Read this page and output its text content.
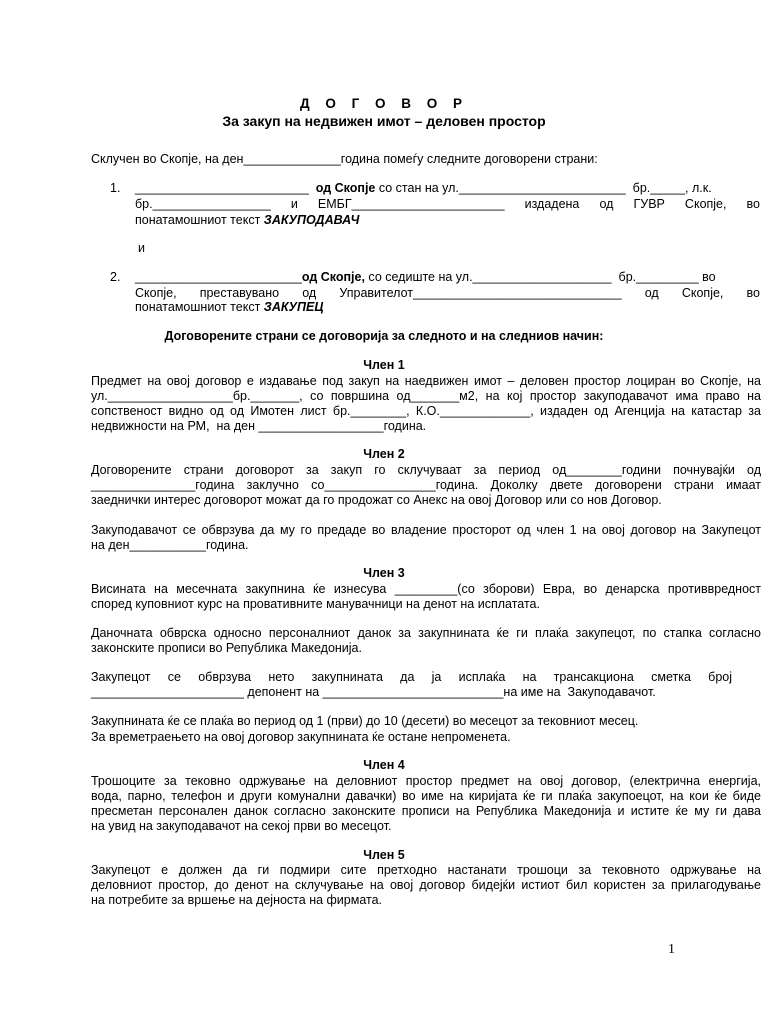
Д О Г О В О Р
За закуп на недвижен имот – деловен простор
Склучен во Скопје, на ден______________година помеѓу следните договорени страни:
1. _________________________ од Скопје со стан на ул.________________________  бр._____, л.к.
бр._________________ и ЕМБГ______________________ издадена од ГУВР Скопје, во
понатамошниот текст ЗАКУПОДАВАЧ
и
2. ________________________од Скопје, со седиште на ул.____________________  бр._________ во
Скопје, преставувано од Управителот______________________________ од Скопје, во
понатамошниот текст ЗАКУПЕЦ
Договорените страни се договорија за следното и на следниов начин:
Член 1
Предмет на овој договор е издавање под закуп на наедвижен имот – деловен простор лоциран во Скопје, на
ул.__________________бр._______, со површина од_______м2, на кој простор закуподавачот има право на
сопственост видно од од Имотен лист бр.________, К.О._____________, издаден од Агенција на катастар за
недвижности на РМ,  на ден __________________година.
Член 2
Договорените страни договорот за закуп го склучуваат за период од________години почнувајќи од
_______________година заклучно со________________година. Доколку двете договорени страни имаат
заеднички интерес договорот можат да го продожат со Анекс на овој Договор или со нов Договор.
Закуподавачот се обврзува да му го предаде во владение просторот од член 1 на овој договор на Закупецот
на ден___________година.
Член 3
Висината на месечната закупнина ќе изнесува _________(со зборови) Евра, во денарска противвредност
според куповниот курс на провативните манувачници на денот на исплатата.
Даночната обврска односно персоналниот данок за закупнината ќе ги плаќа закупецот, по стапка согласно
законските прописи во Република Македонија.
Закупецот се обврзува нето закупнината да ја исплаќа на трансакциона сметка број
______________________ депонент на __________________________на име на  Закуподавачот.
Закупнината ќе се плаќа во период од 1 (први) до 10 (десети) во месецот за тековниот месец.
За времетраењето на овој договор закупнината ќе остане непроменета.
Член 4
Трошоците за тековно одржување на деловниот простор предмет на овој договор, (електрична енергија,
вода, парно, телефон и други комунални давачки) во име на киријата ќе ги плаќа закупоецот, на кои ќе биде
пресметан персонален данок согласно законските прописи на Република Македонија и истите ќе му ги дава
на увид на закуподавачот на секој први во месецот.
Член 5
Закупецот е должен да ги подмири сите претходно настанати трошоци за тековното одржување на
деловниот простор, до денот на склучување на овој договор бидејќи истиот бил користен за прилагодување
на потребите за вршење на дејноста на фирмата.
1
